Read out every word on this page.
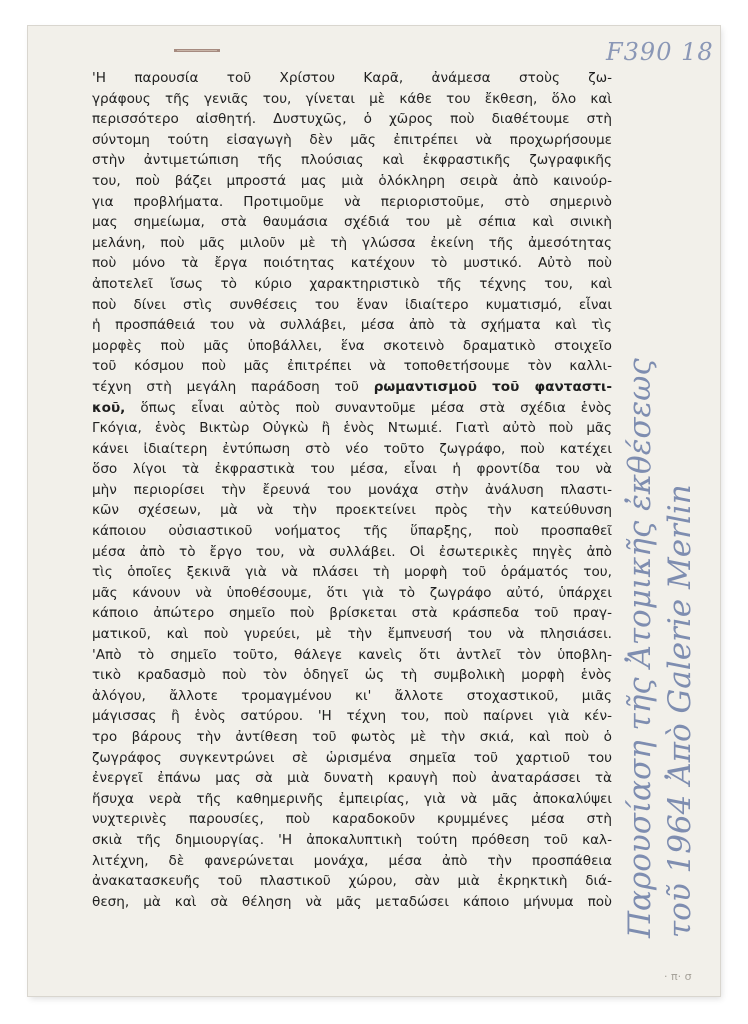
F390 18
'Η παρουσία τοῦ Χρίστου Καρᾶ, ἀνάμεσα στοὺς ζω-
γράφους τῆς γενιᾶς του, γίνεται μὲ κάθε του ἔκθεση, ὅλο καὶ
περισσότερο αἰσθητή. Δυστυχῶς, ὁ χῶρος ποὺ διαθέτουμε στὴ
σύντομη τούτη εἰσαγωγὴ δὲν μᾶς ἐπιτρέπει νὰ προχωρήσουμε
στὴν ἀντιμετώπιση τῆς πλούσιας καὶ ἐκφραστικῆς ζωγραφικῆς
του, ποὺ βάζει μπροστά μας μιὰ ὁλόκληρη σειρὰ ἀπὸ καινούρ-
για προβλήματα. Προτιμοῦμε νὰ περιοριστοῦμε, στὸ σημερινὸ
μας σημείωμα, στὰ θαυμάσια σχέδιά του μὲ σέπια καὶ σινικὴ
μελάνη, ποὺ μᾶς μιλοῦν μὲ τὴ γλώσσα ἐκείνη τῆς ἀμεσότητας
ποὺ μόνο τὰ ἔργα ποιότητας κατέχουν τὸ μυστικό. Αὐτὸ ποὺ
ἀποτελεῖ ἴσως τὸ κύριο χαρακτηριστικὸ τῆς τέχνης του, καὶ
ποὺ δίνει στὶς συνθέσεις του ἕναν ἰδιαίτερο κυματισμό, εἶναι
ἡ προσπάθειά του νὰ συλλάβει, μέσα ἀπὸ τὰ σχήματα καὶ τὶς
μορφὲς ποὺ μᾶς ὑποβάλλει, ἕνα σκοτεινὸ δραματικὸ στοιχεῖο
τοῦ κόσμου ποὺ μᾶς ἐπιτρέπει νὰ τοποθετήσουμε τὸν καλλι-
τέχνη στὴ μεγάλη παράδοση τοῦ ρωμαντισμοῦ τοῦ φανταστι-
κοῦ, ὅπως εἶναι αὐτὸς ποὺ συναντοῦμε μέσα στὰ σχέδια ἑνὸς
Γκόγια, ἑνὸς Βικτὼρ Οὐγκὼ ἢ ἑνὸς Ντωμιέ. Γιατὶ αὐτὸ ποὺ μᾶς
κάνει ἰδιαίτερη ἐντύπωση στὸ νέο τοῦτο ζωγράφο, ποὺ κατέχει
ὅσο λίγοι τὰ ἐκφραστικὰ του μέσα, εἶναι ἡ φροντίδα του νὰ
μὴν περιορίσει τὴν ἔρευνά του μονάχα στὴν ἀνάλυση πλαστι-
κῶν σχέσεων, μὰ νὰ τὴν προεκτείνει πρὸς τὴν κατεύθυνση
κάποιου οὐσιαστικοῦ νοήματος τῆς ὕπαρξης, ποὺ προσπαθεῖ
μέσα ἀπὸ τὸ ἔργο του, νὰ συλλάβει. Οἱ ἐσωτερικὲς πηγὲς ἀπὸ
τὶς ὁποῖες ξεκινᾶ γιὰ νὰ πλάσει τὴ μορφὴ τοῦ ὁράματός του,
μᾶς κάνουν νὰ ὑποθέσουμε, ὅτι γιὰ τὸ ζωγράφο αὐτό, ὑπάρχει
κάποιο ἀπώτερο σημεῖο ποὺ βρίσκεται στὰ κράσπεδα τοῦ πραγ-
ματικοῦ, καὶ ποὺ γυρεύει, μὲ τὴν ἔμπνευσή του νὰ πλησιάσει.
'Απὸ τὸ σημεῖο τοῦτο, θάλεγε κανεὶς ὅτι ἀντλεῖ τὸν ὑποβλη-
τικὸ κραδασμὸ ποὺ τὸν ὁδηγεῖ ὡς τὴ συμβολικὴ μορφὴ ἑνὸς
ἀλόγου, ἄλλοτε τρομαγμένου κι' ἄλλοτε στοχαστικοῦ, μιᾶς
μάγισσας ἢ ἑνὸς σατύρου. 'Η τέχνη του, ποὺ παίρνει γιὰ κέν-
τρο βάρους τὴν ἀντίθεση τοῦ φωτὸς μὲ τὴν σκιά, καὶ ποὺ ὁ
ζωγράφος συγκεντρώνει σὲ ὡρισμένα σημεῖα τοῦ χαρτιοῦ του
ἐνεργεῖ ἐπάνω μας σὰ μιὰ δυνατὴ κραυγὴ ποὺ ἀναταράσσει τὰ
ἥσυχα νερὰ τῆς καθημερινῆς ἐμπειρίας, γιὰ νὰ μᾶς ἀποκαλύψει
νυχτερινὲς παρουσίες, ποὺ καραδοκοῦν κρυμμένες μέσα στὴ
σκιὰ τῆς δημιουργίας. 'Η ἀποκαλυπτικὴ τούτη πρόθεση τοῦ καλ-
λιτέχνη, δὲ φανερώνεται μονάχα, μέσα ἀπὸ τὴν προσπάθεια
ἀνακατασκευῆς τοῦ πλαστικοῦ χώρου, σὰν μιὰ ἐκρηκτικὴ διά-
θεση, μὰ καὶ σὰ θέληση νὰ μᾶς μεταδώσει κάποιο μήνυμα ποὺ Παρουσίαση τῆς Ἀτομικῆς ἐκθέσεως τοῦ 1964 Ἀπὸ Galerie Merlin
· π· σ
